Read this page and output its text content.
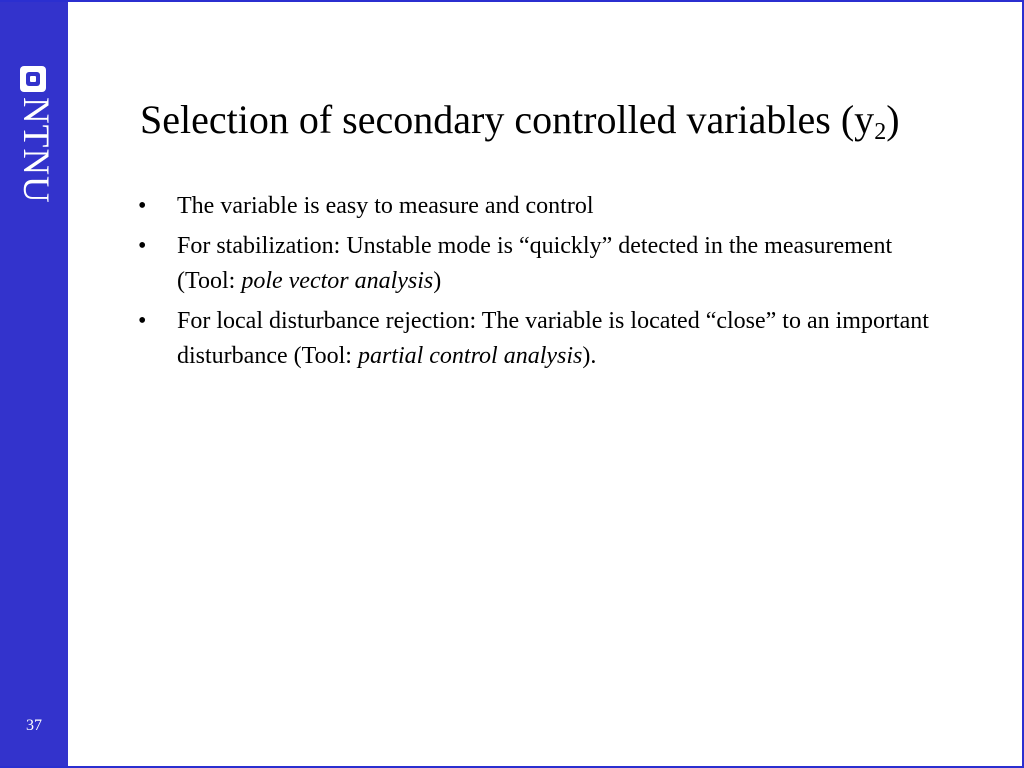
NTNU
37
Selection of secondary controlled variables $(y_2)$
• The variable is easy to measure and control
• For stabilization: Unstable mode is “quickly” detected in the measurement (Tool: pole vector analysis)
• For local disturbance rejection: The variable is located “close” to an important disturbance (Tool: partial control analysis).
